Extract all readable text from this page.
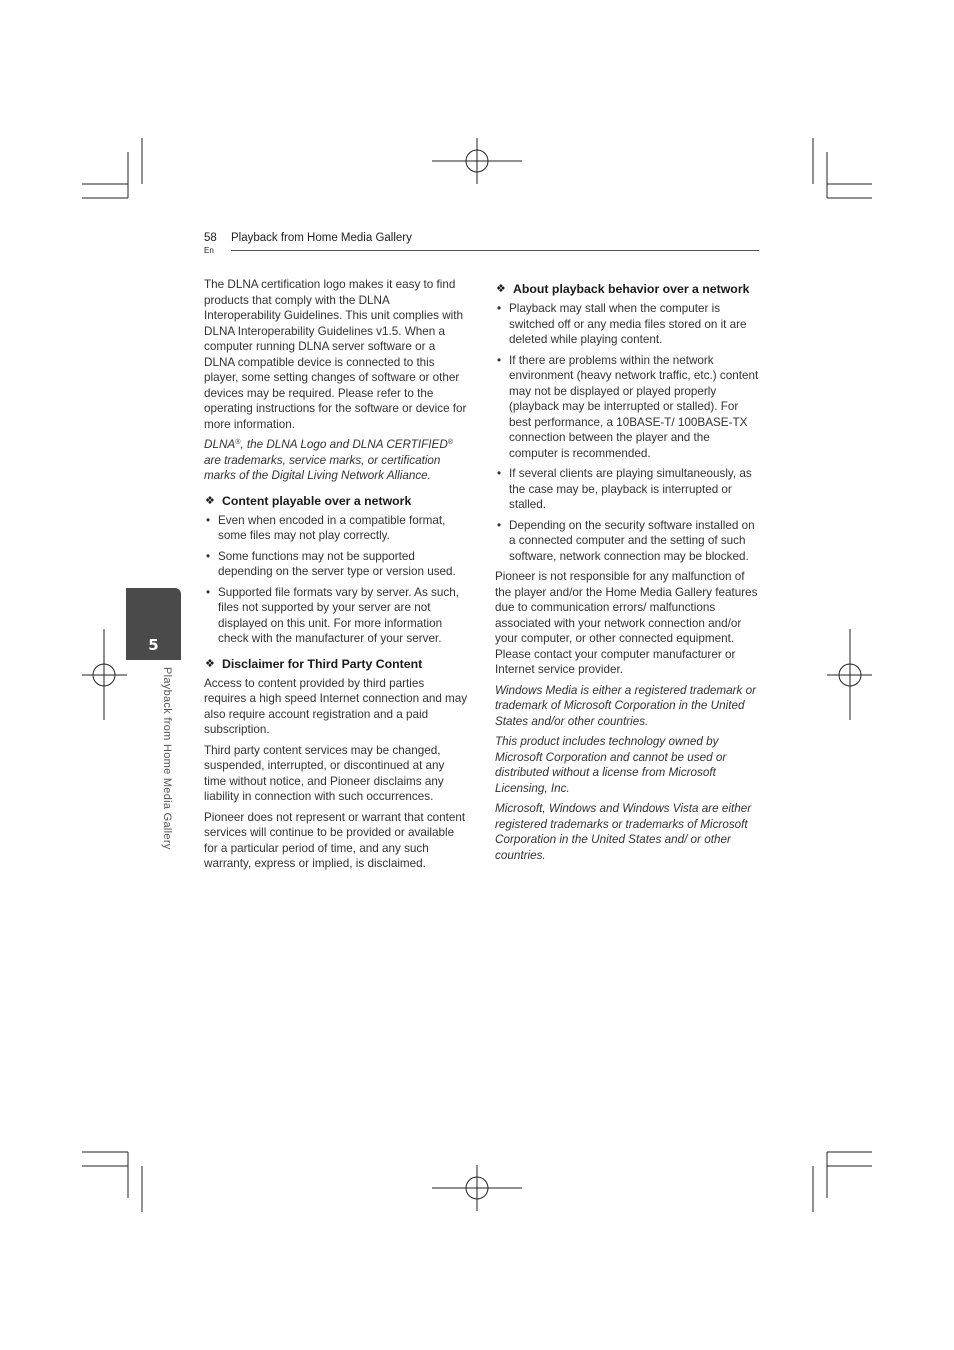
58
En
Playback from Home Media Gallery
5
Playback from Home Media Gallery

The DLNA certification logo makes it easy to find products that comply with the DLNA Interoperability Guidelines. This unit complies with DLNA Interoperability Guidelines v1.5. When a computer running DLNA server software or a DLNA compatible device is connected to this player, some setting changes of software or other devices may be required. Please refer to the operating instructions for the software or device for more information.

DLNA®, the DLNA Logo and DLNA CERTIFIED® are trademarks, service marks, or certification marks of the Digital Living Network Alliance.

❖ Content playable over a network
• Even when encoded in a compatible format, some files may not play correctly.
• Some functions may not be supported depending on the server type or version used.
• Supported file formats vary by server. As such, files not supported by your server are not displayed on this unit. For more information check with the manufacturer of your server.
❖ Disclaimer for Third Party Content

Access to content provided by third parties requires a high speed Internet connection and may also require account registration and a paid subscription.

Third party content services may be changed, suspended, interrupted, or discontinued at any time without notice, and Pioneer disclaims any liability in connection with such occurrences.

Pioneer does not represent or warrant that content services will continue to be provided or available for a particular period of time, and any such warranty, express or implied, is disclaimed.

❖ About playback behavior over a network
• Playback may stall when the computer is switched off or any media files stored on it are deleted while playing content.
• If there are problems within the network environment (heavy network traffic, etc.) content may not be displayed or played properly (playback may be interrupted or stalled). For best performance, a 10BASE-T/ 100BASE-TX connection between the player and the computer is recommended.
• If several clients are playing simultaneously, as the case may be, playback is interrupted or stalled.
• Depending on the security software installed on a connected computer and the setting of such software, network connection may be blocked.

Pioneer is not responsible for any malfunction of the player and/or the Home Media Gallery features due to communication errors/ malfunctions associated with your network connection and/or your computer, or other connected equipment. Please contact your computer manufacturer or Internet service provider.

Windows Media is either a registered trademark or trademark of Microsoft Corporation in the United States and/or other countries.

This product includes technology owned by Microsoft Corporation and cannot be used or distributed without a license from Microsoft Licensing, Inc.

Microsoft, Windows and Windows Vista are either registered trademarks or trademarks of Microsoft Corporation in the United States and/ or other countries.
